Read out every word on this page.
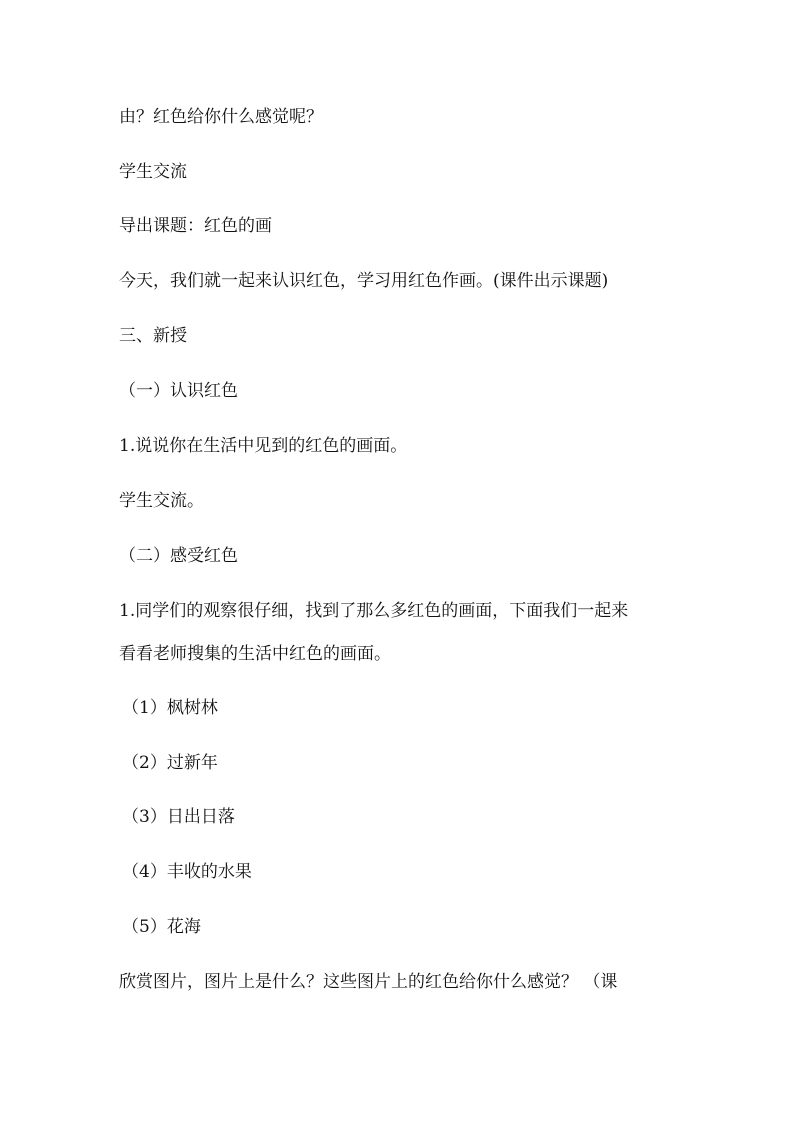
由？红色给你什么感觉呢？

学生交流

导出课题：红色的画

今天，我们就一起来认识红色，学习用红色作画。(课件出示课题)

三、新授

（一）认识红色

1.说说你在生活中见到的红色的画面。

学生交流。

（二）感受红色

1.同学们的观察很仔细，找到了那么多红色的画面，下面我们一起来

看看老师搜集的生活中红色的画面。

（1）枫树林

（2）过新年

（3）日出日落

（4）丰收的水果

（5）花海

欣赏图片，图片上是什么？这些图片上的红色给你什么感觉？ （课
